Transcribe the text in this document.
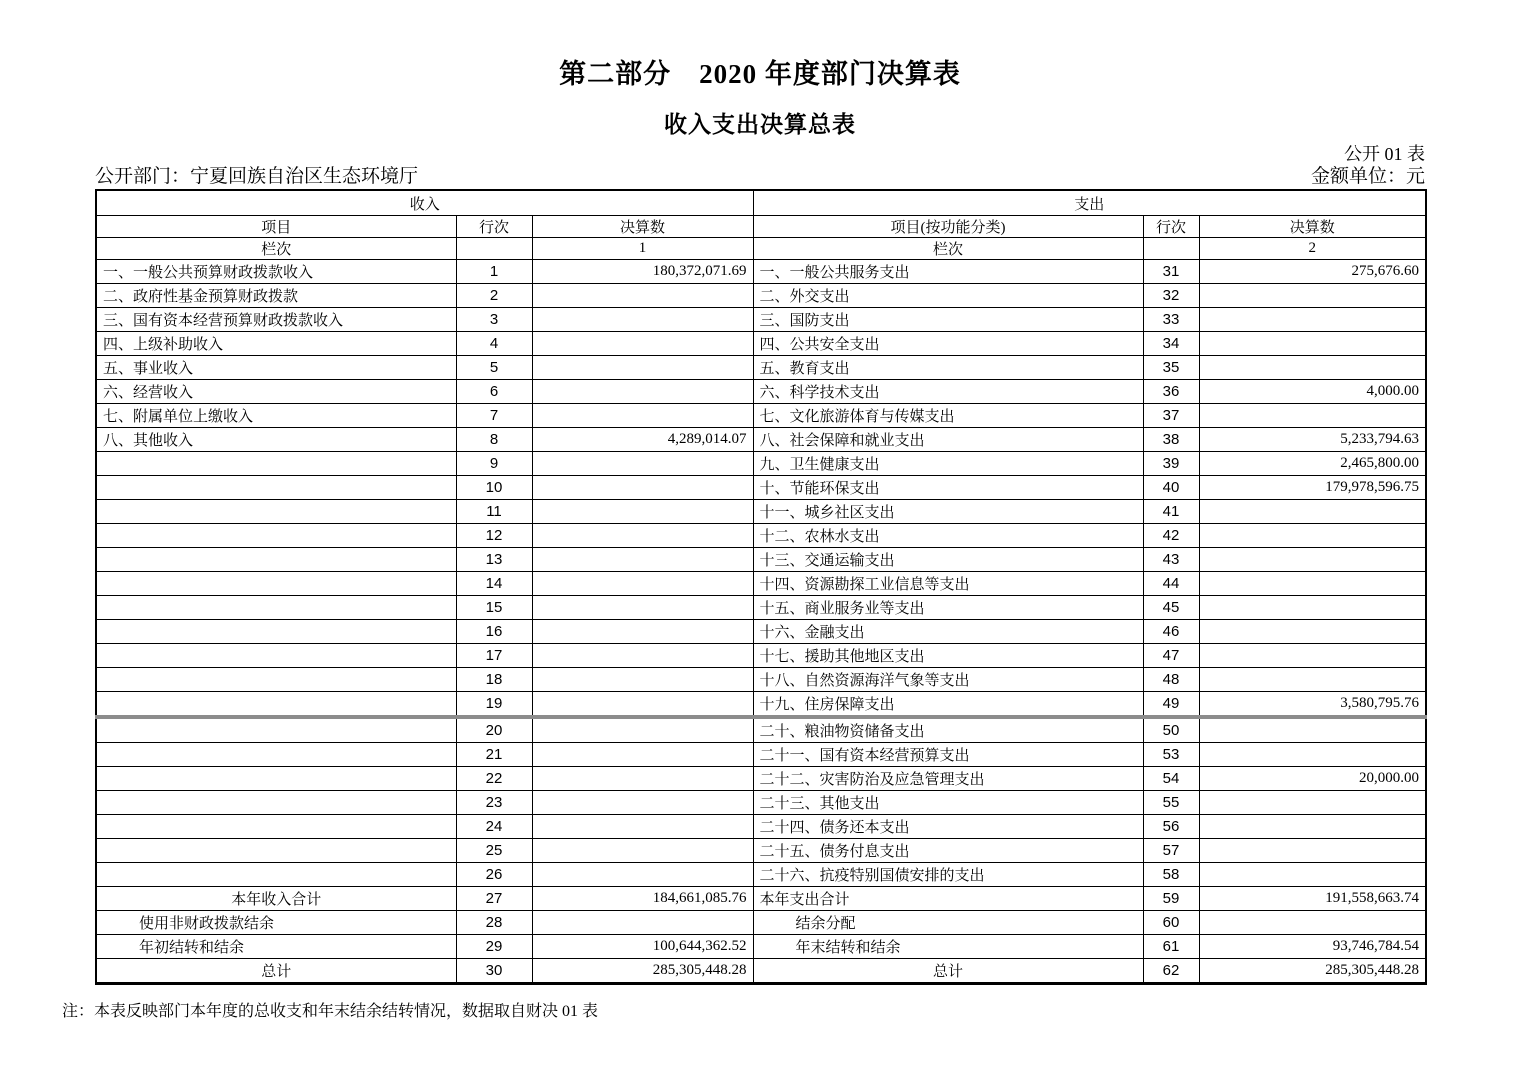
第二部分　2020 年度部门决算表
收入支出决算总表
公开 01 表
公开部门：宁夏回族自治区生态环境厅	金额单位：元
收入			支出		
项目	行次	决算数	项目(按功能分类)	行次	决算数
栏次		1	栏次		2
一、一般公共预算财政拨款收入	1	180,372,071.69	一、一般公共服务支出	31	275,676.60
二、政府性基金预算财政拨款	2		二、外交支出	32	
三、国有资本经营预算财政拨款收入	3		三、国防支出	33	
四、上级补助收入	4		四、公共安全支出	34	
五、事业收入	5		五、教育支出	35	
六、经营收入	6		六、科学技术支出	36	4,000.00
七、附属单位上缴收入	7		七、文化旅游体育与传媒支出	37	
八、其他收入	8	4,289,014.07	八、社会保障和就业支出	38	5,233,794.63
	9		九、卫生健康支出	39	2,465,800.00
	10		十、节能环保支出	40	179,978,596.75
	11		十一、城乡社区支出	41	
	12		十二、农林水支出	42	
	13		十三、交通运输支出	43	
	14		十四、资源勘探工业信息等支出	44	
	15		十五、商业服务业等支出	45	
	16		十六、金融支出	46	
	17		十七、援助其他地区支出	47	
	18		十八、自然资源海洋气象等支出	48	
	19		十九、住房保障支出	49	3,580,795.76
	20		二十、粮油物资储备支出	50	
	21		二十一、国有资本经营预算支出	53	
	22		二十二、灾害防治及应急管理支出	54	20,000.00
	23		二十三、其他支出	55	
	24		二十四、债务还本支出	56	
	25		二十五、债务付息支出	57	
	26		二十六、抗疫特别国债安排的支出	58	
本年收入合计	27	184,661,085.76	本年支出合计	59	191,558,663.74
使用非财政拨款结余	28		结余分配	60	
年初结转和结余	29	100,644,362.52	年末结转和结余	61	93,746,784.54
总计	30	285,305,448.28	总计	62	285,305,448.28
注：本表反映部门本年度的总收支和年末结余结转情况，数据取自财决 01 表
